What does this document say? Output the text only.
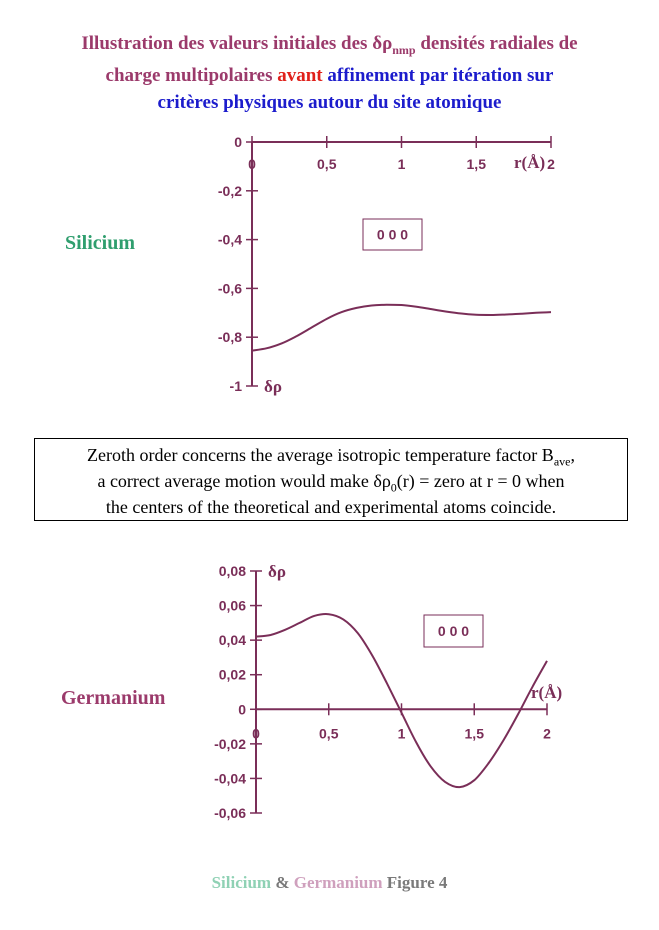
Illustration des valeurs initiales des $\delta\rho_{nmp}$ densités radiales de
charge multipolaires avant affinement par itération sur
critères physiques autour du site atomique
Silicium
Germanium
0	0,5	1	1,5	2
0
-0,2
-0,4
-0,6
-0,8
-1
r(Å)
δρ
0 0 0
0	0,5	1	1,5	2
0,08
0,06
0,04
0,02
0
-0,02
-0,04
-0,06
r(Å)
δρ
0 0 0
Zeroth order concerns the average isotropic temperature factor $B_{ave}$,
a correct average motion would make $\delta\rho_0(r)$ = zero at r = 0 when
the centers of the theoretical and experimental atoms coincide.
Silicium & Germanium Figure 4
